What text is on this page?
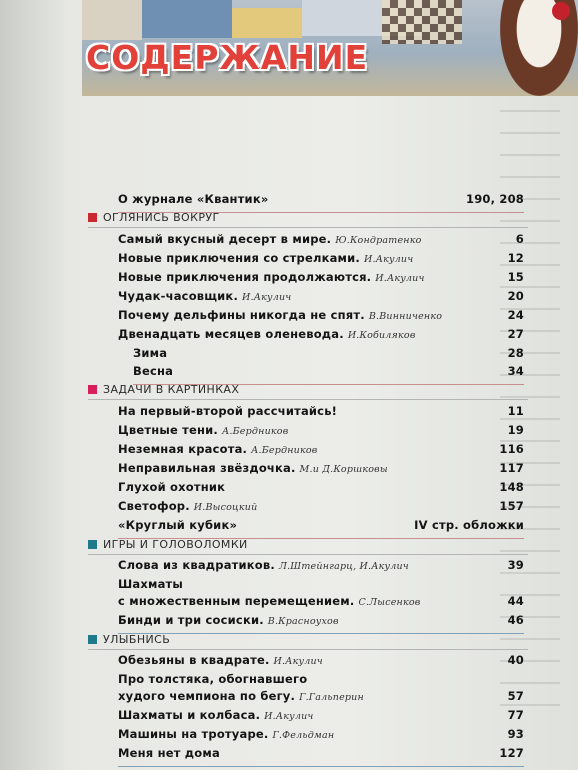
СОДЕРЖАНИЕ
О журнале «Квантик»	190, 208
ОГЛЯНИСЬ ВОКРУГ
Самый вкусный десерт в мире. Ю.Кондратенко	6
Новые приключения со стрелками. И.Акулич	12
Новые приключения продолжаются. И.Акулич	15
Чудак-часовщик. И.Акулич	20
Почему дельфины никогда не спят. В.Винниченко	24
Двенадцать месяцев оленевода. И.Кобиляков	27
Зима	28
Весна	34
ЗАДАЧИ В КАРТИНКАХ
На первый-второй рассчитайсь!	11
Цветные тени. А.Бердников	19
Неземная красота. А.Бердников	116
Неправильная звёздочка. М.и Д.Коршковы	117
Глухой охотник	148
Светофор. И.Высоцкий	157
«Круглый кубик»	IV стр. обложки
ИГРЫ И ГОЛОВОЛОМКИ
Слова из квадратиков. Л.Штейнгарц, И.Акулич	39
Шахматы
с множественным перемещением. С.Лысенков	44
Бинди и три сосиски. В.Красноухов	46
УЛЫБНИСЬ
Обезьяны в квадрате. И.Акулич	40
Про толстяка, обогнавшего
худого чемпиона по бегу. Г.Гальперин	57
Шахматы и колбаса. И.Акулич	77
Машины на тротуаре. Г.Фельдман	93
Меня нет дома	127
